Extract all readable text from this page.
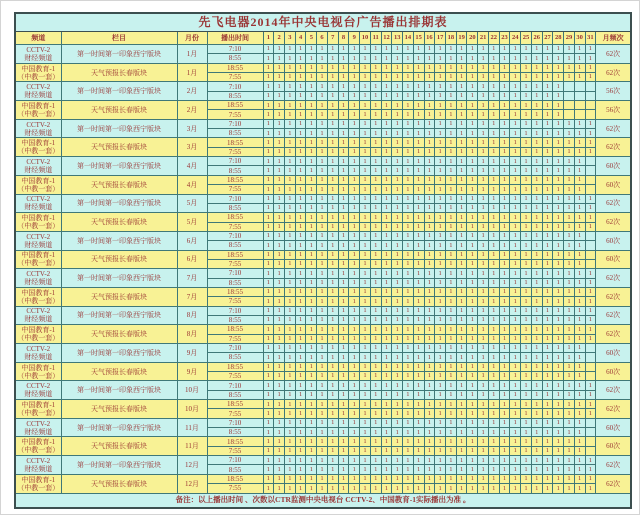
先飞电器2014年中央电视台广告播出排期表																																			
频道	栏目	月份	播出时间	1	2	3	4	5	6	7	8	9	10	11	12	13	14	15	16	17	18	19	20	21	22	23	24	25	26	27	28	29	30	31	月频次

CCTV-2
财经频道	第一时间第一印象西宁版块	1月	7:10	1	1	1	1	1	1	1	1	1	1	1	1	1	1	1	1	1	1	1	1	1	1	1	1	1	1	1	1	1	1	1	62次
			8:55	1	1	1	1	1	1	1	1	1	1	1	1	1	1	1	1	1	1	1	1	1	1	1	1	1	1	1	1	1	1	1	

中国教育-1
（中教一套）	天气预报长春版块	1月	18:55	1	1	1	1	1	1	1	1	1	1	1	1	1	1	1	1	1	1	1	1	1	1	1	1	1	1	1	1	1	1	1	62次
			7:55	1	1	1	1	1	1	1	1	1	1	1	1	1	1	1	1	1	1	1	1	1	1	1	1	1	1	1	1	1	1	1	

CCTV-2
财经频道	第一时间第一印象西宁版块	2月	7:10	1	1	1	1	1	1	1	1	1	1	1	1	1	1	1	1	1	1	1	1	1	1	1	1	1	1	1	1				56次
			8:55	1	1	1	1	1	1	1	1	1	1	1	1	1	1	1	1	1	1	1	1	1	1	1	1	1	1	1	1				

中国教育-1
（中教一套）	天气预报长春版块	2月	18:55	1	1	1	1	1	1	1	1	1	1	1	1	1	1	1	1	1	1	1	1	1	1	1	1	1	1	1	1				56次
			7:55	1	1	1	1	1	1	1	1	1	1	1	1	1	1	1	1	1	1	1	1	1	1	1	1	1	1	1	1				

CCTV-2
财经频道	第一时间第一印象西宁版块	3月	7:10	1	1	1	1	1	1	1	1	1	1	1	1	1	1	1	1	1	1	1	1	1	1	1	1	1	1	1	1	1	1	1	62次
			8:55	1	1	1	1	1	1	1	1	1	1	1	1	1	1	1	1	1	1	1	1	1	1	1	1	1	1	1	1	1	1	1	

中国教育-1
（中教一套）	天气预报长春版块	3月	18:55	1	1	1	1	1	1	1	1	1	1	1	1	1	1	1	1	1	1	1	1	1	1	1	1	1	1	1	1	1	1	1	62次
			7:55	1	1	1	1	1	1	1	1	1	1	1	1	1	1	1	1	1	1	1	1	1	1	1	1	1	1	1	1	1	1	1	

CCTV-2
财经频道	第一时间第一印象西宁版块	4月	7:10	1	1	1	1	1	1	1	1	1	1	1	1	1	1	1	1	1	1	1	1	1	1	1	1	1	1	1	1	1	1		60次
			8:55	1	1	1	1	1	1	1	1	1	1	1	1	1	1	1	1	1	1	1	1	1	1	1	1	1	1	1	1	1	1		

中国教育-1
（中教一套）	天气预报长春版块	4月	18:55	1	1	1	1	1	1	1	1	1	1	1	1	1	1	1	1	1	1	1	1	1	1	1	1	1	1	1	1	1	1		60次
			7:55	1	1	1	1	1	1	1	1	1	1	1	1	1	1	1	1	1	1	1	1	1	1	1	1	1	1	1	1	1	1		

CCTV-2
财经频道	第一时间第一印象西宁版块	5月	7:10	1	1	1	1	1	1	1	1	1	1	1	1	1	1	1	1	1	1	1	1	1	1	1	1	1	1	1	1	1	1	1	62次
			8:55	1	1	1	1	1	1	1	1	1	1	1	1	1	1	1	1	1	1	1	1	1	1	1	1	1	1	1	1	1	1	1	

中国教育-1
（中教一套）	天气预报长春版块	5月	18:55	1	1	1	1	1	1	1	1	1	1	1	1	1	1	1	1	1	1	1	1	1	1	1	1	1	1	1	1	1	1	1	62次
			7:55	1	1	1	1	1	1	1	1	1	1	1	1	1	1	1	1	1	1	1	1	1	1	1	1	1	1	1	1	1	1	1	

CCTV-2
财经频道	第一时间第一印象西宁版块	6月	7:10	1	1	1	1	1	1	1	1	1	1	1	1	1	1	1	1	1	1	1	1	1	1	1	1	1	1	1	1	1	1		60次
			8:55	1	1	1	1	1	1	1	1	1	1	1	1	1	1	1	1	1	1	1	1	1	1	1	1	1	1	1	1	1	1		

中国教育-1
（中教一套）	天气预报长春版块	6月	18:55	1	1	1	1	1	1	1	1	1	1	1	1	1	1	1	1	1	1	1	1	1	1	1	1	1	1	1	1	1	1		60次
			7:55	1	1	1	1	1	1	1	1	1	1	1	1	1	1	1	1	1	1	1	1	1	1	1	1	1	1	1	1	1	1		

CCTV-2
财经频道	第一时间第一印象西宁版块	7月	7:10	1	1	1	1	1	1	1	1	1	1	1	1	1	1	1	1	1	1	1	1	1	1	1	1	1	1	1	1	1	1	1	62次
			8:55	1	1	1	1	1	1	1	1	1	1	1	1	1	1	1	1	1	1	1	1	1	1	1	1	1	1	1	1	1	1	1	

中国教育-1
（中教一套）	天气预报长春版块	7月	18:55	1	1	1	1	1	1	1	1	1	1	1	1	1	1	1	1	1	1	1	1	1	1	1	1	1	1	1	1	1	1	1	62次
			7:55	1	1	1	1	1	1	1	1	1	1	1	1	1	1	1	1	1	1	1	1	1	1	1	1	1	1	1	1	1	1	1	

CCTV-2
财经频道	第一时间第一印象西宁版块	8月	7:10	1	1	1	1	1	1	1	1	1	1	1	1	1	1	1	1	1	1	1	1	1	1	1	1	1	1	1	1	1	1	1	62次
			8:55	1	1	1	1	1	1	1	1	1	1	1	1	1	1	1	1	1	1	1	1	1	1	1	1	1	1	1	1	1	1	1	

中国教育-1
（中教一套）	天气预报长春版块	8月	18:55	1	1	1	1	1	1	1	1	1	1	1	1	1	1	1	1	1	1	1	1	1	1	1	1	1	1	1	1	1	1	1	62次
			7:55	1	1	1	1	1	1	1	1	1	1	1	1	1	1	1	1	1	1	1	1	1	1	1	1	1	1	1	1	1	1	1	

CCTV-2
财经频道	第一时间第一印象西宁版块	9月	7:10	1	1	1	1	1	1	1	1	1	1	1	1	1	1	1	1	1	1	1	1	1	1	1	1	1	1	1	1	1	1		60次
			8:55	1	1	1	1	1	1	1	1	1	1	1	1	1	1	1	1	1	1	1	1	1	1	1	1	1	1	1	1	1	1		

中国教育-1
（中教一套）	天气预报长春版块	9月	18:55	1	1	1	1	1	1	1	1	1	1	1	1	1	1	1	1	1	1	1	1	1	1	1	1	1	1	1	1	1	1		60次
			7:55	1	1	1	1	1	1	1	1	1	1	1	1	1	1	1	1	1	1	1	1	1	1	1	1	1	1	1	1	1	1		

CCTV-2
财经频道	第一时间第一印象西宁版块	10月	7:10	1	1	1	1	1	1	1	1	1	1	1	1	1	1	1	1	1	1	1	1	1	1	1	1	1	1	1	1	1	1	1	62次
			8:55	1	1	1	1	1	1	1	1	1	1	1	1	1	1	1	1	1	1	1	1	1	1	1	1	1	1	1	1	1	1	1	

中国教育-1
（中教一套）	天气预报长春版块	10月	18:55	1	1	1	1	1	1	1	1	1	1	1	1	1	1	1	1	1	1	1	1	1	1	1	1	1	1	1	1	1	1	1	62次
			7:55	1	1	1	1	1	1	1	1	1	1	1	1	1	1	1	1	1	1	1	1	1	1	1	1	1	1	1	1	1	1	1	

CCTV-2
财经频道	第一时间第一印象西宁版块	11月	7:10	1	1	1	1	1	1	1	1	1	1	1	1	1	1	1	1	1	1	1	1	1	1	1	1	1	1	1	1	1	1		60次
			8:55	1	1	1	1	1	1	1	1	1	1	1	1	1	1	1	1	1	1	1	1	1	1	1	1	1	1	1	1	1	1		

中国教育-1
（中教一套）	天气预报长春版块	11月	18:55	1	1	1	1	1	1	1	1	1	1	1	1	1	1	1	1	1	1	1	1	1	1	1	1	1	1	1	1	1	1		60次
			7:55	1	1	1	1	1	1	1	1	1	1	1	1	1	1	1	1	1	1	1	1	1	1	1	1	1	1	1	1	1	1		

CCTV-2
财经频道	第一时间第一印象西宁版块	12月	7:10	1	1	1	1	1	1	1	1	1	1	1	1	1	1	1	1	1	1	1	1	1	1	1	1	1	1	1	1	1	1	1	62次
			8:55	1	1	1	1	1	1	1	1	1	1	1	1	1	1	1	1	1	1	1	1	1	1	1	1	1	1	1	1	1	1	1	

中国教育-1
（中教一套）	天气预报长春版块	12月	18:55	1	1	1	1	1	1	1	1	1	1	1	1	1	1	1	1	1	1	1	1	1	1	1	1	1	1	1	1	1	1	1	62次
			7:55	1	1	1	1	1	1	1	1	1	1	1	1	1	1	1	1	1	1	1	1	1	1	1	1	1	1	1	1	1	1	1	
备注：以上播出时间 、次数以CTR监测中央电视台 CCTV-2、中国教育-1实际播出为准 。																																			
